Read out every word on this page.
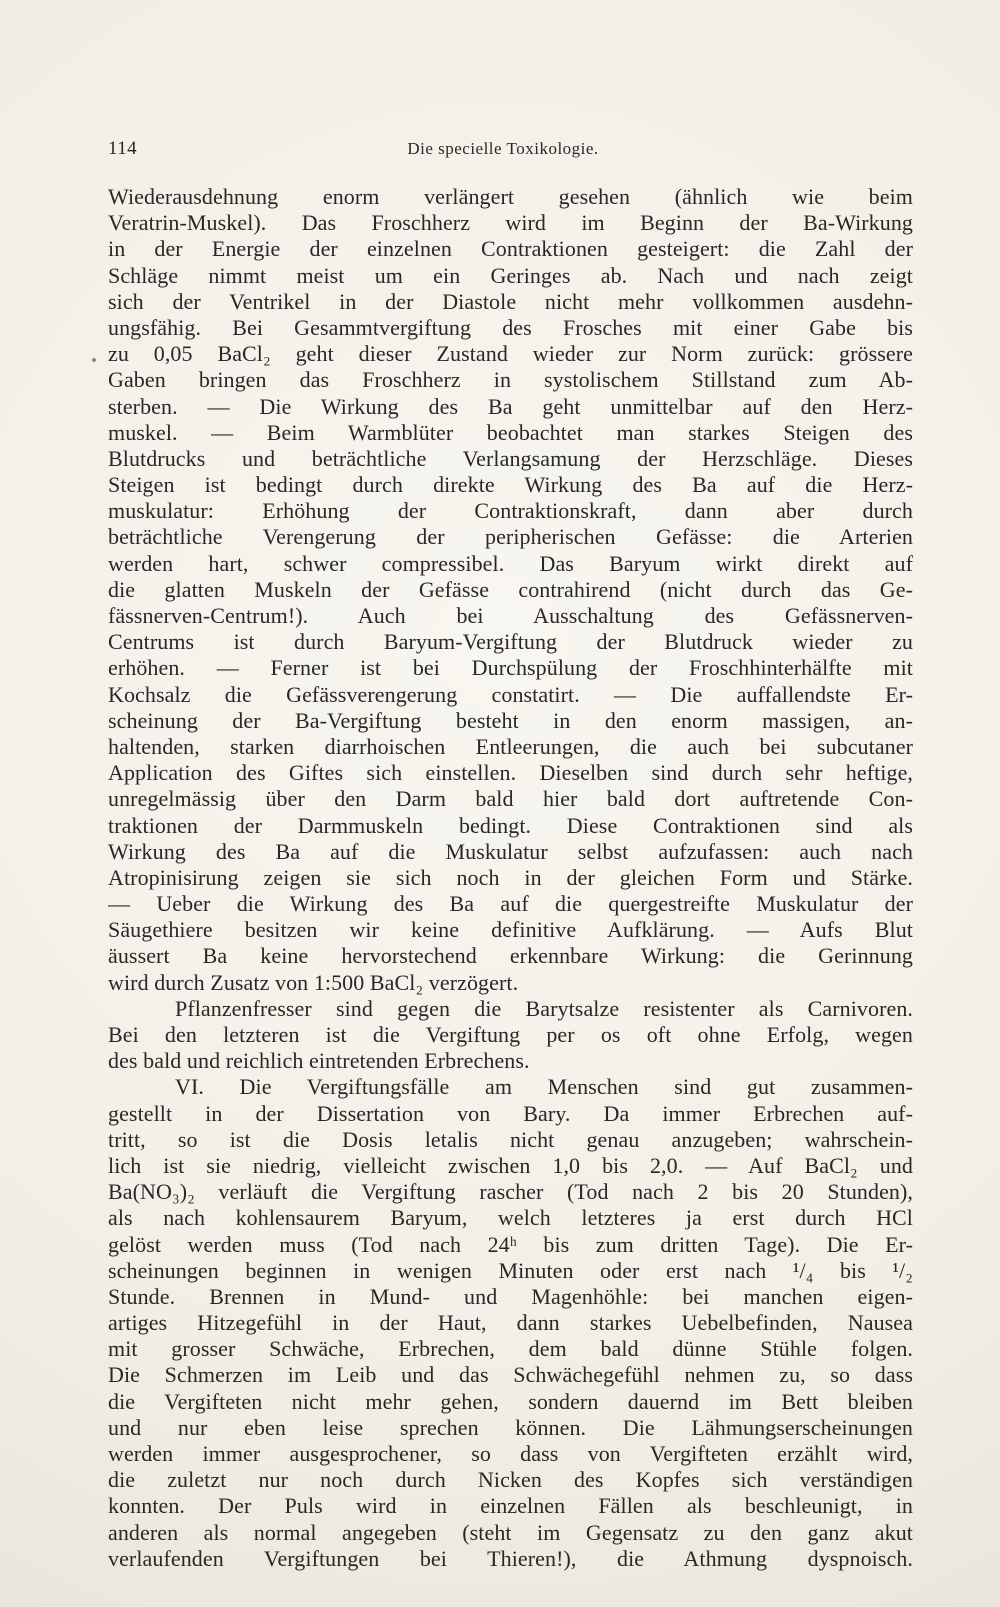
114	Die specielle Toxikologie.
Wiederausdehnung enorm verlängert gesehen (ähnlich wie beim
Veratrin-Muskel). Das Froschherz wird im Beginn der Ba-Wirkung
in der Energie der einzelnen Contraktionen gesteigert: die Zahl der
Schläge nimmt meist um ein Geringes ab. Nach und nach zeigt
sich der Ventrikel in der Diastole nicht mehr vollkommen ausdehn-
ungsfähig. Bei Gesammtvergiftung des Frosches mit einer Gabe bis
zu 0,05 BaCl₂ geht dieser Zustand wieder zur Norm zurück: grössere
Gaben bringen das Froschherz in systolischem Stillstand zum Ab-
sterben. — Die Wirkung des Ba geht unmittelbar auf den Herz-
muskel. — Beim Warmblüter beobachtet man starkes Steigen des
Blutdrucks und beträchtliche Verlangsamung der Herzschläge. Dieses
Steigen ist bedingt durch direkte Wirkung des Ba auf die Herz-
muskulatur: Erhöhung der Contraktionskraft, dann aber durch
beträchtliche Verengerung der peripherischen Gefässe: die Arterien
werden hart, schwer compressibel. Das Baryum wirkt direkt auf
die glatten Muskeln der Gefässe contrahirend (nicht durch das Ge-
fässnerven-Centrum!). Auch bei Ausschaltung des Gefässnerven-
Centrums ist durch Baryum-Vergiftung der Blutdruck wieder zu
erhöhen. — Ferner ist bei Durchspülung der Froschhinterhälfte mit
Kochsalz die Gefässverengerung constatirt. — Die auffallendste Er-
scheinung der Ba-Vergiftung besteht in den enorm massigen, an-
haltenden, starken diarrhoischen Entleerungen, die auch bei subcutaner
Application des Giftes sich einstellen. Dieselben sind durch sehr heftige,
unregelmässig über den Darm bald hier bald dort auftretende Con-
traktionen der Darmmuskeln bedingt. Diese Contraktionen sind als
Wirkung des Ba auf die Muskulatur selbst aufzufassen: auch nach
Atropinisirung zeigen sie sich noch in der gleichen Form und Stärke.
— Ueber die Wirkung des Ba auf die quergestreifte Muskulatur der
Säugethiere besitzen wir keine definitive Aufklärung. — Aufs Blut
äussert Ba keine hervorstechend erkennbare Wirkung: die Gerinnung
wird durch Zusatz von 1:500 BaCl₂ verzögert.
Pflanzenfresser sind gegen die Barytsalze resistenter als Carnivoren.
Bei den letzteren ist die Vergiftung per os oft ohne Erfolg, wegen
des bald und reichlich eintretenden Erbrechens.
VI. Die Vergiftungsfälle am Menschen sind gut zusammen-
gestellt in der Dissertation von Bary. Da immer Erbrechen auf-
tritt, so ist die Dosis letalis nicht genau anzugeben; wahrschein-
lich ist sie niedrig, vielleicht zwischen 1,0 bis 2,0. — Auf BaCl₂ und
Ba(NO₃)₂ verläuft die Vergiftung rascher (Tod nach 2 bis 20 Stunden),
als nach kohlensaurem Baryum, welch letzteres ja erst durch HCl
gelöst werden muss (Tod nach 24ʰ bis zum dritten Tage). Die Er-
scheinungen beginnen in wenigen Minuten oder erst nach ¹/₄ bis ¹/₂
Stunde. Brennen in Mund- und Magenhöhle: bei manchen eigen-
artiges Hitzegefühl in der Haut, dann starkes Uebelbefinden, Nausea
mit grosser Schwäche, Erbrechen, dem bald dünne Stühle folgen.
Die Schmerzen im Leib und das Schwächegefühl nehmen zu, so dass
die Vergifteten nicht mehr gehen, sondern dauernd im Bett bleiben
und nur eben leise sprechen können. Die Lähmungserscheinungen
werden immer ausgesprochener, so dass von Vergifteten erzählt wird,
die zuletzt nur noch durch Nicken des Kopfes sich verständigen
konnten. Der Puls wird in einzelnen Fällen als beschleunigt, in
anderen als normal angegeben (steht im Gegensatz zu den ganz akut
verlaufenden Vergiftungen bei Thieren!), die Athmung dyspnoisch.
